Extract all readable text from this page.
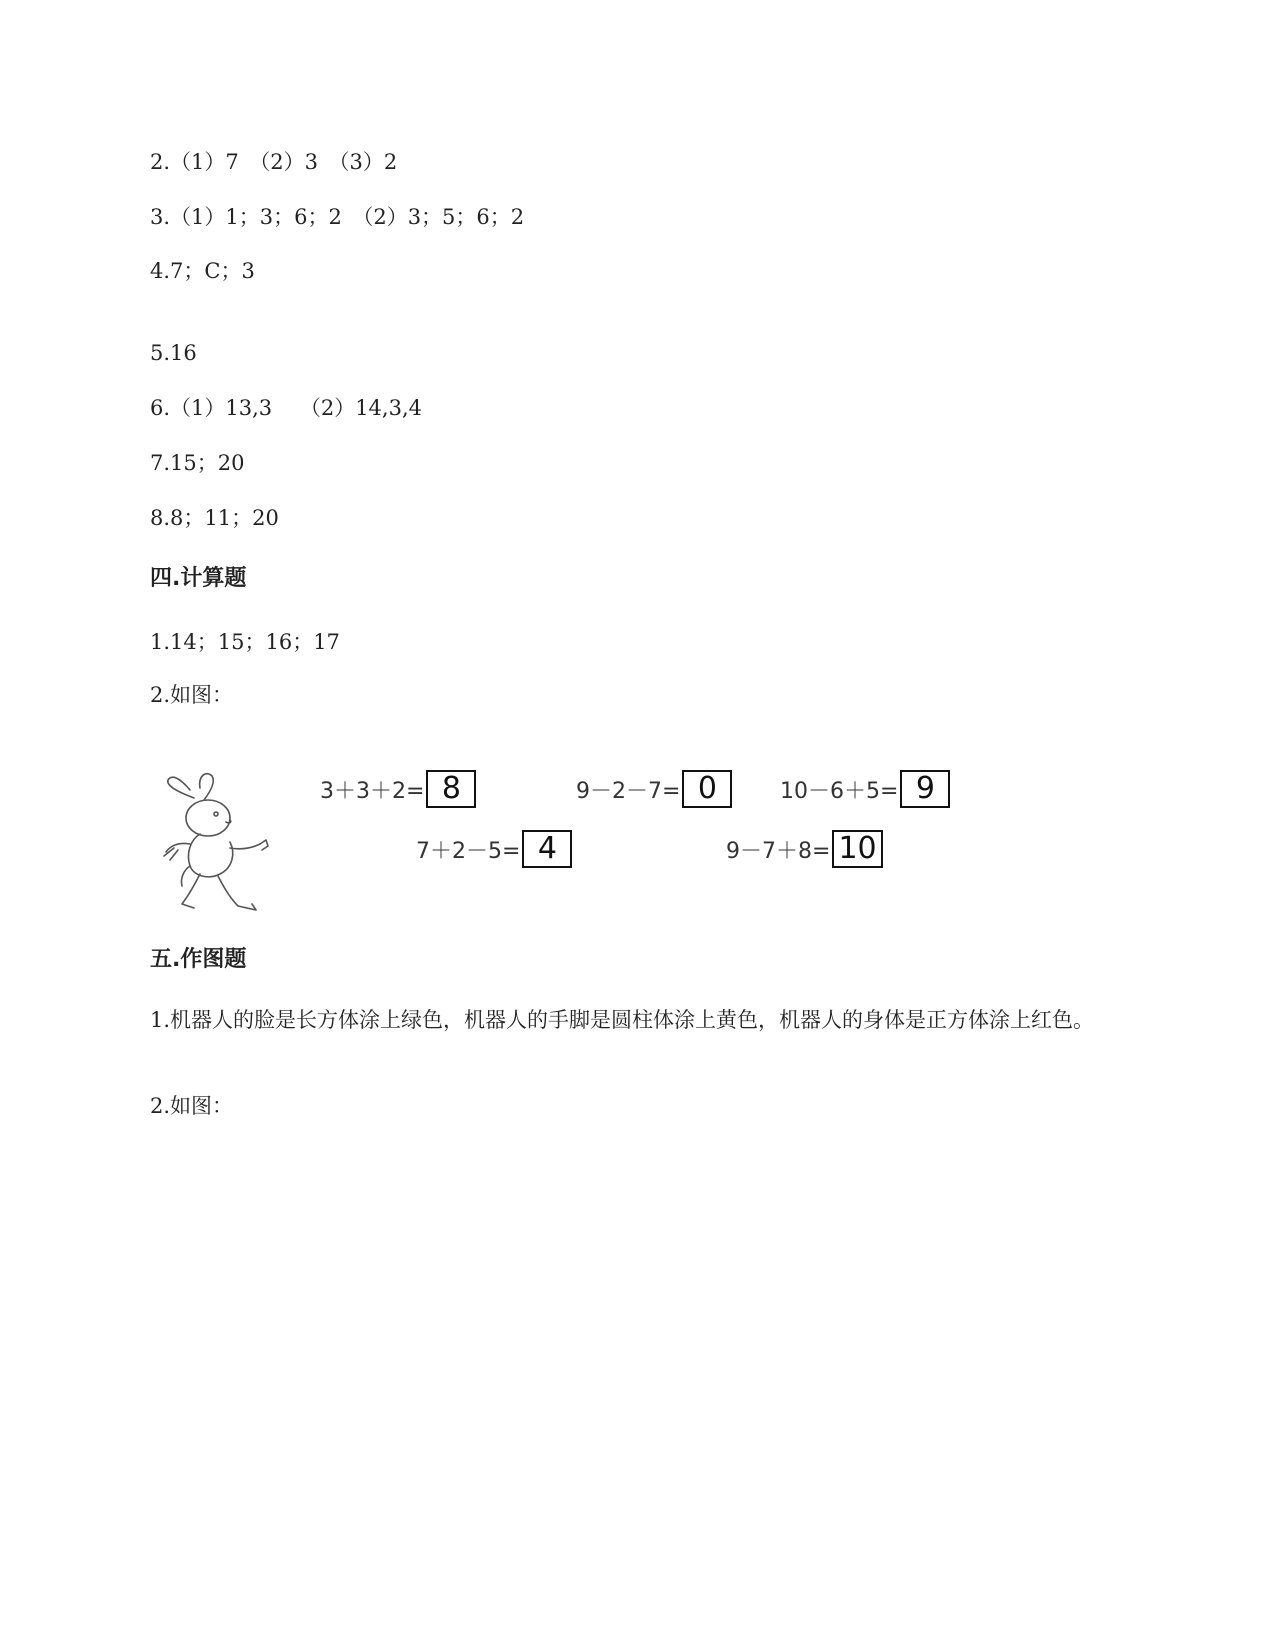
2.（1）7　（2）3　（3）2
3.（1）1；3；6；2　（2）3；5；6；2
4.7；C；3
5.16
6.（1）13,3　 （2）14,3,4
7.15；20
8.8；11；20
四.计算题
1.14；15；16；17
2.如图：
3＋3＋2= 8	9－2－7= 0	10－6＋5= 9
7＋2－5= 4	9－7＋8= 10
五.作图题
1.机器人的脸是长方体涂上绿色，机器人的手脚是圆柱体涂上黄色，机器人的身体是正方体涂上红色。
2.如图：
